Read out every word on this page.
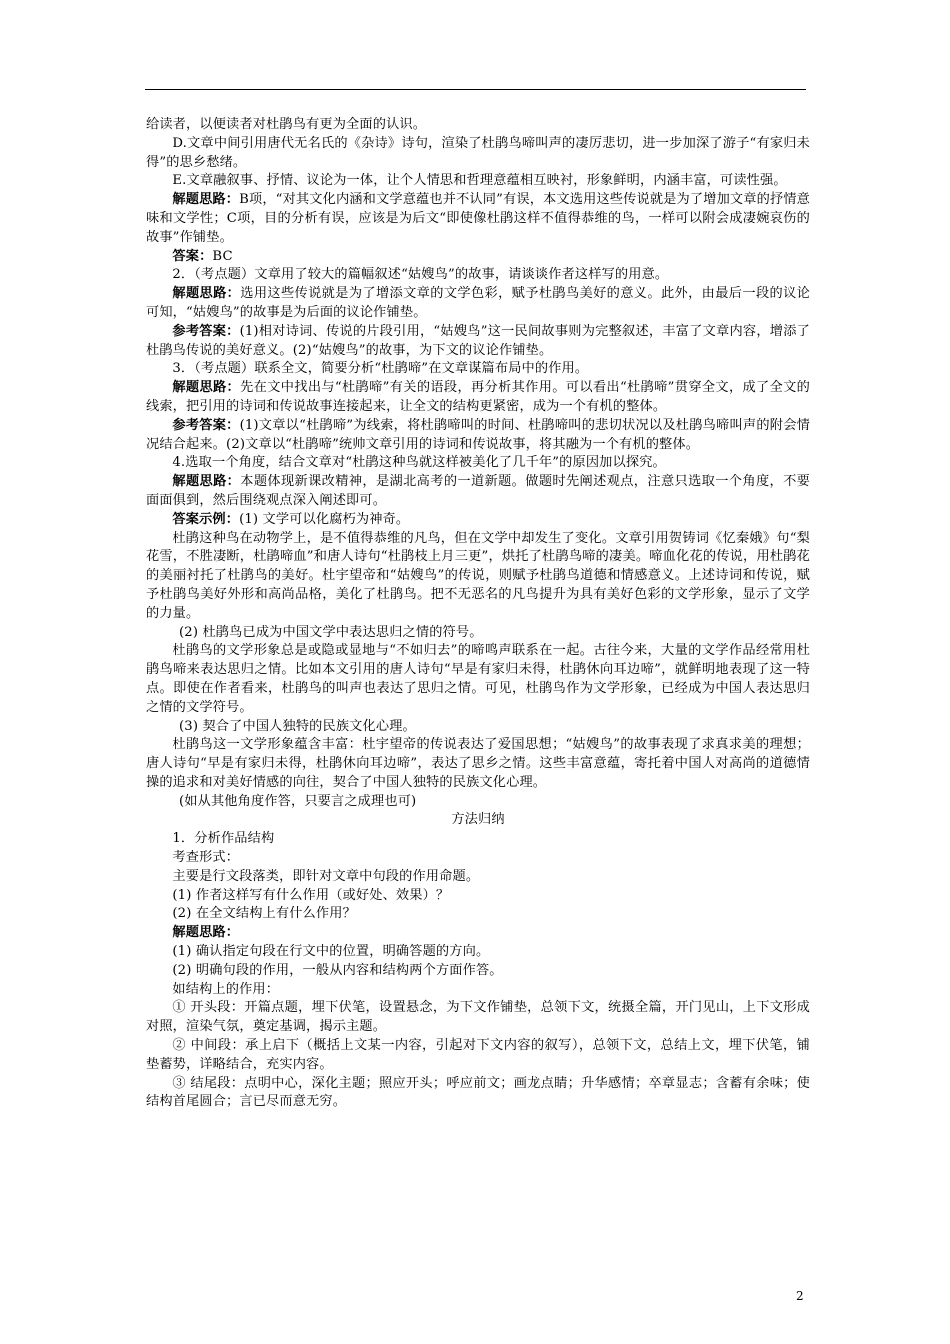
给读者，以便读者对杜鹃鸟有更为全面的认识。

D.文章中间引用唐代无名氏的《杂诗》诗句，渲染了杜鹃鸟啼叫声的凄厉悲切，进一步加深了游子“有家归未得”的思乡愁绪。

E.文章融叙事、抒情、议论为一体，让个人情思和哲理意蕴相互映衬，形象鲜明，内涵丰富，可读性强。

解题思路：B项，“对其文化内涵和文学意蕴也并不认同”有误，本文选用这些传说就是为了增加文章的抒情意味和文学性；C项，目的分析有误，应该是为后文“即使像杜鹃这样不值得恭维的鸟，一样可以附会成凄婉哀伤的故事”作铺垫。

答案：BC

2．（考点题）文章用了较大的篇幅叙述“姑嫂鸟”的故事，请谈谈作者这样写的用意。

解题思路：选用这些传说就是为了增添文章的文学色彩，赋予杜鹃鸟美好的意义。此外，由最后一段的议论可知，“姑嫂鸟”的故事是为后面的议论作铺垫。

参考答案：(1)相对诗词、传说的片段引用，“姑嫂鸟”这一民间故事则为完整叙述，丰富了文章内容，增添了杜鹃鸟传说的美好意义。(2)“姑嫂鸟”的故事，为下文的议论作铺垫。

3．（考点题）联系全文，简要分析“杜鹃啼”在文章谋篇布局中的作用。

解题思路：先在文中找出与“杜鹃啼”有关的语段，再分析其作用。可以看出“杜鹃啼”贯穿全文，成了全文的线索，把引用的诗词和传说故事连接起来，让全文的结构更紧密，成为一个有机的整体。

参考答案：(1)文章以“杜鹃啼”为线索，将杜鹃啼叫的时间、杜鹃啼叫的悲切状况以及杜鹃鸟啼叫声的附会情况结合起来。(2)文章以“杜鹃啼”统帅文章引用的诗词和传说故事，将其融为一个有机的整体。

4.选取一个角度，结合文章对“杜鹃这种鸟就这样被美化了几千年”的原因加以探究。

解题思路：本题体现新课改精神，是湖北高考的一道新题。做题时先阐述观点，注意只选取一个角度，不要面面俱到，然后围绕观点深入阐述即可。

答案示例：(1) 文学可以化腐朽为神奇。

杜鹃这种鸟在动物学上，是不值得恭维的凡鸟，但在文学中却发生了变化。文章引用贺铸词《忆秦娥》句“梨花雪，不胜凄断，杜鹃啼血”和唐人诗句“杜鹃枝上月三更”，烘托了杜鹃鸟啼的凄美。啼血化花的传说，用杜鹃花的美丽衬托了杜鹃鸟的美好。杜宇望帝和“姑嫂鸟”的传说，则赋予杜鹃鸟道德和情感意义。上述诗词和传说，赋予杜鹃鸟美好外形和高尚品格，美化了杜鹃鸟。把不无恶名的凡鸟提升为具有美好色彩的文学形象，显示了文学的力量。

(2) 杜鹃鸟已成为中国文学中表达思归之情的符号。

杜鹃鸟的文学形象总是或隐或显地与“不如归去”的啼鸣声联系在一起。古往今来，大量的文学作品经常用杜鹃鸟啼来表达思归之情。比如本文引用的唐人诗句“早是有家归未得，杜鹃休向耳边啼”，就鲜明地表现了这一特点。即使在作者看来，杜鹃鸟的叫声也表达了思归之情。可见，杜鹃鸟作为文学形象，已经成为中国人表达思归之情的文学符号。

(3) 契合了中国人独特的民族文化心理。

杜鹃鸟这一文学形象蕴含丰富：杜宇望帝的传说表达了爱国思想；“姑嫂鸟”的故事表现了求真求美的理想；唐人诗句“早是有家归未得，杜鹃休向耳边啼”，表达了思乡之情。这些丰富意蕴，寄托着中国人对高尚的道德情操的追求和对美好情感的向往，契合了中国人独特的民族文化心理。

(如从其他角度作答，只要言之成理也可)

方法归纳

1．分析作品结构

考查形式：

主要是行文段落类，即针对文章中句段的作用命题。

(1) 作者这样写有什么作用（或好处、效果）？

(2) 在全文结构上有什么作用？

解题思路：

(1) 确认指定句段在行文中的位置，明确答题的方向。

(2) 明确句段的作用，一般从内容和结构两个方面作答。

如结构上的作用：

① 开头段：开篇点题，埋下伏笔，设置悬念，为下文作铺垫，总领下文，统摄全篇，开门见山，上下文形成对照，渲染气氛，奠定基调，揭示主题。

② 中间段：承上启下（概括上文某一内容，引起对下文内容的叙写），总领下文，总结上文，埋下伏笔，铺垫蓄势，详略结合，充实内容。

③ 结尾段：点明中心，深化主题；照应开头；呼应前文；画龙点睛；升华感情；卒章显志；含蓄有余味；使结构首尾圆合；言已尽而意无穷。

2
